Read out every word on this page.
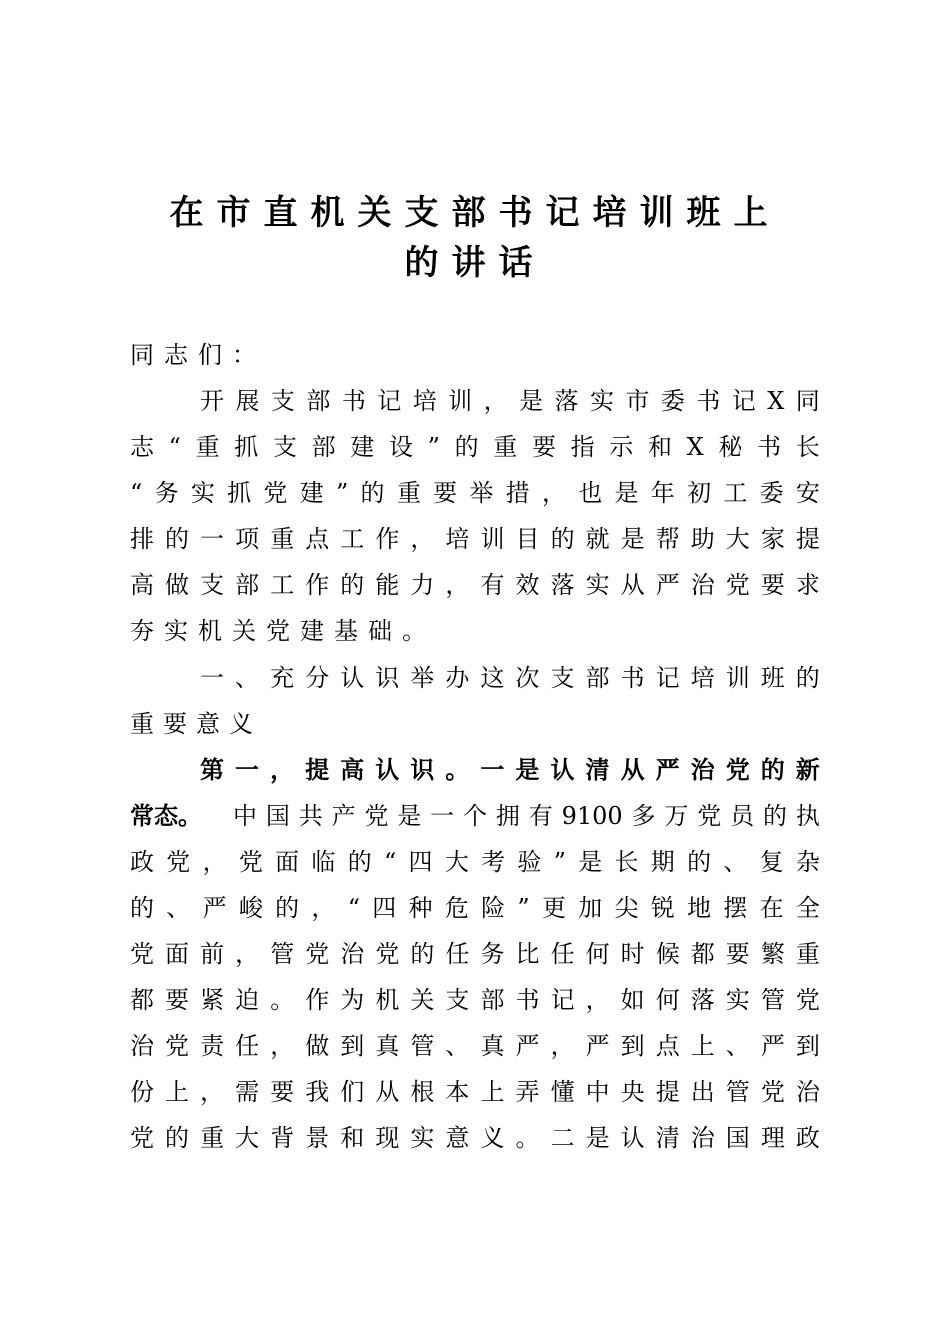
在市直机关支部书记培训班上
的讲话
同志们：
开 展 支 部 书 记 培 训 ， 是 落 实 市 委 书 记 X 同
志 “ 重 抓 支 部 建 设 ” 的 重 要 指 示 和 X 秘 书 长
“ 务 实 抓 党 建 ” 的 重 要 举 措 ， 也 是 年 初 工 委 安
排 的 一 项 重 点 工 作 ， 培 训 目 的 就 是 帮 助 大 家 提
高 做 支 部 工 作 的 能 力 ， 有 效 落 实 从 严 治 党 要 求
夯实机关党建基础。
一 、 充 分 认 识 举 办 这 次 支 部 书 记 培 训 班 的
重要意义
第 一 ， 提 高 认 识 。 一 是 认 清 从 严 治 党 的 新
常态。 中 国 共 产 党 是 一 个 拥 有 9100 多 万 党 员 的 执
政 党 ， 党 面 临 的 “ 四 大 考 验 ” 是 长 期 的 、 复 杂
的 、 严 峻 的 ， “ 四 种 危 险 ” 更 加 尖 锐 地 摆 在 全
党 面 前 ， 管 党 治 党 的 任 务 比 任 何 时 候 都 要 繁 重
都 要 紧 迫 。 作 为 机 关 支 部 书 记 ， 如 何 落 实 管 党
治 党 责 任 ， 做 到 真 管 、 真 严 ， 严 到 点 上 、 严 到
份 上 ， 需 要 我 们 从 根 本 上 弄 懂 中 央 提 出 管 党 治
党 的 重 大 背 景 和 现 实 意 义 。 二 是 认 清 治 国 理 政
